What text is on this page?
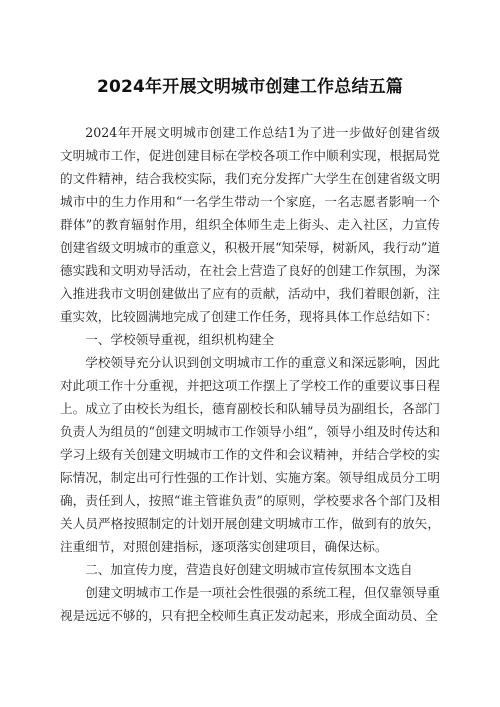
2024年开展文明城市创建工作总结五篇

2024年开展文明城市创建工作总结1为了进一步做好创建省级文明城市工作，促进创建目标在学校各项工作中顺利实现，根据局党的文件精神，结合我校实际，我们充分发挥广大学生在创建省级文明城市中的生力作用和“一名学生带动一个家庭，一名志愿者影响一个群体”的教育辐射作用，组织全体师生走上街头、走入社区，力宣传创建省级文明城市的重意义，积极开展“知荣辱，树新风，我行动”道德实践和文明劝导活动，在社会上营造了良好的创建工作氛围，为深入推进我市文明创建做出了应有的贡献，活动中，我们着眼创新，注重实效，比较圆满地完成了创建工作任务，现将具体工作总结如下：

一、学校领导重视，组织机构建全

学校领导充分认识到创文明城市工作的重意义和深远影响，因此对此项工作十分重视，并把这项工作摆上了学校工作的重要议事日程上。成立了由校长为组长，德育副校长和队辅导员为副组长，各部门负责人为组员的“创建文明城市工作领导小组”，领导小组及时传达和学习上级有关创建文明城市工作的文件和会议精神，并结合学校的实际情况，制定出可行性强的工作计划、实施方案。领导组成员分工明确，责任到人，按照“谁主管谁负责”的原则，学校要求各个部门及相关人员严格按照制定的计划开展创建文明城市工作，做到有的放矢，注重细节，对照创建指标，逐项落实创建项目，确保达标。

二、加宣传力度，营造良好创建文明城市宣传氛围本文选自

创建文明城市工作是一项社会性很强的系统工程，但仅靠领导重视是远远不够的，只有把全校师生真正发动起来，形成全面动员、全
